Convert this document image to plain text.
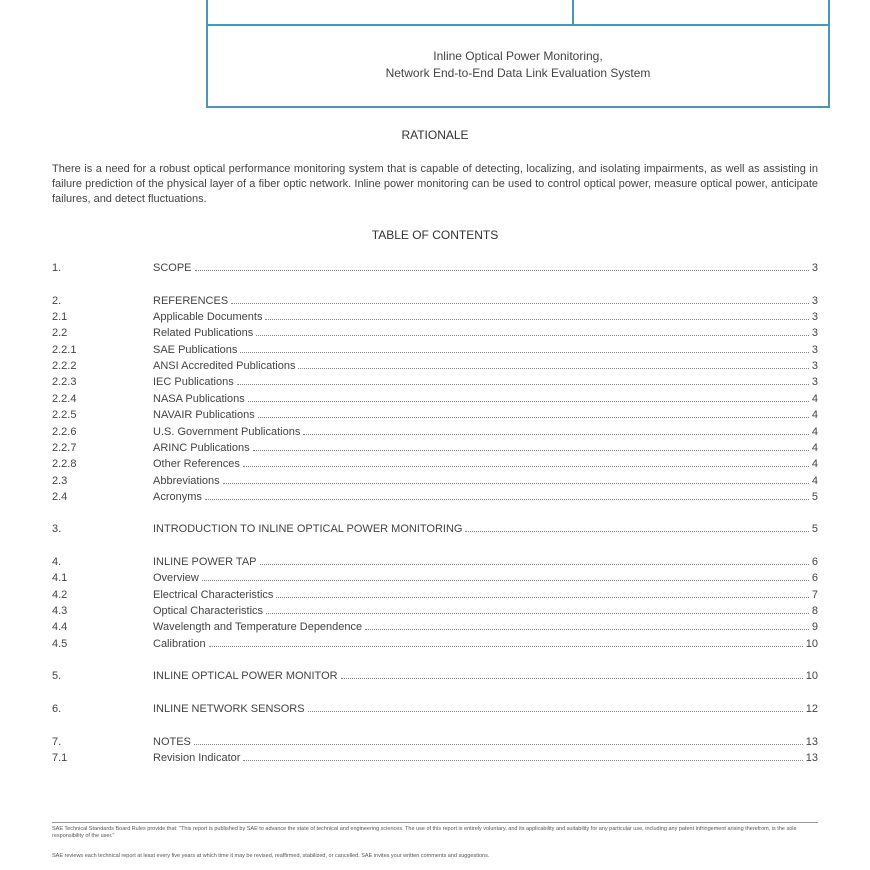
Inline Optical Power Monitoring,
Network End-to-End Data Link Evaluation System
RATIONALE
There is a need for a robust optical performance monitoring system that is capable of detecting, localizing, and isolating impairments, as well as assisting in failure prediction of the physical layer of a fiber optic network. Inline power monitoring can be used to control optical power, measure optical power, anticipate failures, and detect fluctuations.
TABLE OF CONTENTS
1.	SCOPE	3
2.	REFERENCES	3
2.1	Applicable Documents	3
2.2	Related Publications	3
2.2.1	SAE Publications	3
2.2.2	ANSI Accredited Publications	3
2.2.3	IEC Publications	3
2.2.4	NASA Publications	4
2.2.5	NAVAIR Publications	4
2.2.6	U.S. Government Publications	4
2.2.7	ARINC Publications	4
2.2.8	Other References	4
2.3	Abbreviations	4
2.4	Acronyms	5
3.	INTRODUCTION TO INLINE OPTICAL POWER MONITORING	5
4.	INLINE POWER TAP	6
4.1	Overview	6
4.2	Electrical Characteristics	7
4.3	Optical Characteristics	8
4.4	Wavelength and Temperature Dependence	9
4.5	Calibration	10
5.	INLINE OPTICAL POWER MONITOR	10
6.	INLINE NETWORK SENSORS	12
7.	NOTES	13
7.1	Revision Indicator	13
SAE Technical Standards Board Rules provide that: "This report is published by SAE to advance the state of technical and engineering sciences. The use of this report is entirely voluntary, and its applicability and suitability for any particular use, including any patent infringement arising therefrom, is the sole responsibility of the user."
SAE reviews each technical report at least every five years at which time it may be revised, reaffirmed, stabilized, or cancelled. SAE invites your written comments and suggestions.
